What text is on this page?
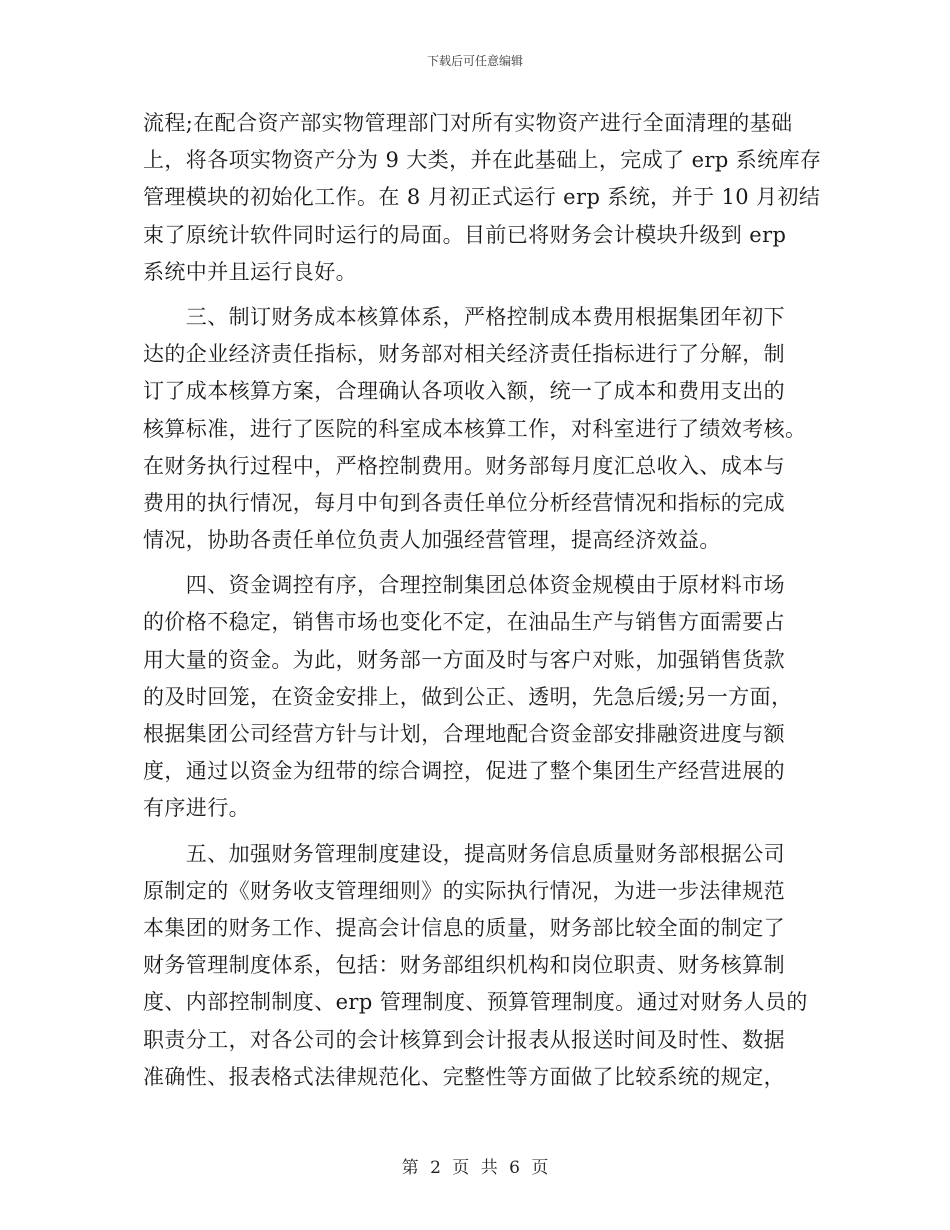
下载后可任意编辑
流程;在配合资产部实物管理部门对所有实物资产进行全面清理的基础
上，将各项实物资产分为 9 大类，并在此基础上，完成了 erp 系统库存
管理模块的初始化工作。在 8 月初正式运行 erp 系统，并于 10 月初结
束了原统计软件同时运行的局面。目前已将财务会计模块升级到 erp
系统中并且运行良好。
　　三、制订财务成本核算体系，严格控制成本费用根据集团年初下
达的企业经济责任指标，财务部对相关经济责任指标进行了分解，制
订了成本核算方案，合理确认各项收入额，统一了成本和费用支出的
核算标准，进行了医院的科室成本核算工作，对科室进行了绩效考核。
在财务执行过程中，严格控制费用。财务部每月度汇总收入、成本与
费用的执行情况，每月中旬到各责任单位分析经营情况和指标的完成
情况，协助各责任单位负责人加强经营管理，提高经济效益。
　　四、资金调控有序，合理控制集团总体资金规模由于原材料市场
的价格不稳定，销售市场也变化不定，在油品生产与销售方面需要占
用大量的资金。为此，财务部一方面及时与客户对账，加强销售货款
的及时回笼，在资金安排上，做到公正、透明，先急后缓;另一方面，
根据集团公司经营方针与计划，合理地配合资金部安排融资进度与额
度，通过以资金为纽带的综合调控，促进了整个集团生产经营进展的
有序进行。
　　五、加强财务管理制度建设，提高财务信息质量财务部根据公司
原制定的《财务收支管理细则》的实际执行情况，为进一步法律规范
本集团的财务工作、提高会计信息的质量，财务部比较全面的制定了
财务管理制度体系，包括：财务部组织机构和岗位职责、财务核算制
度、内部控制制度、erp 管理制度、预算管理制度。通过对财务人员的
职责分工，对各公司的会计核算到会计报表从报送时间及时性、数据
准确性、报表格式法律规范化、完整性等方面做了比较系统的规定，
第 2 页 共 6 页
